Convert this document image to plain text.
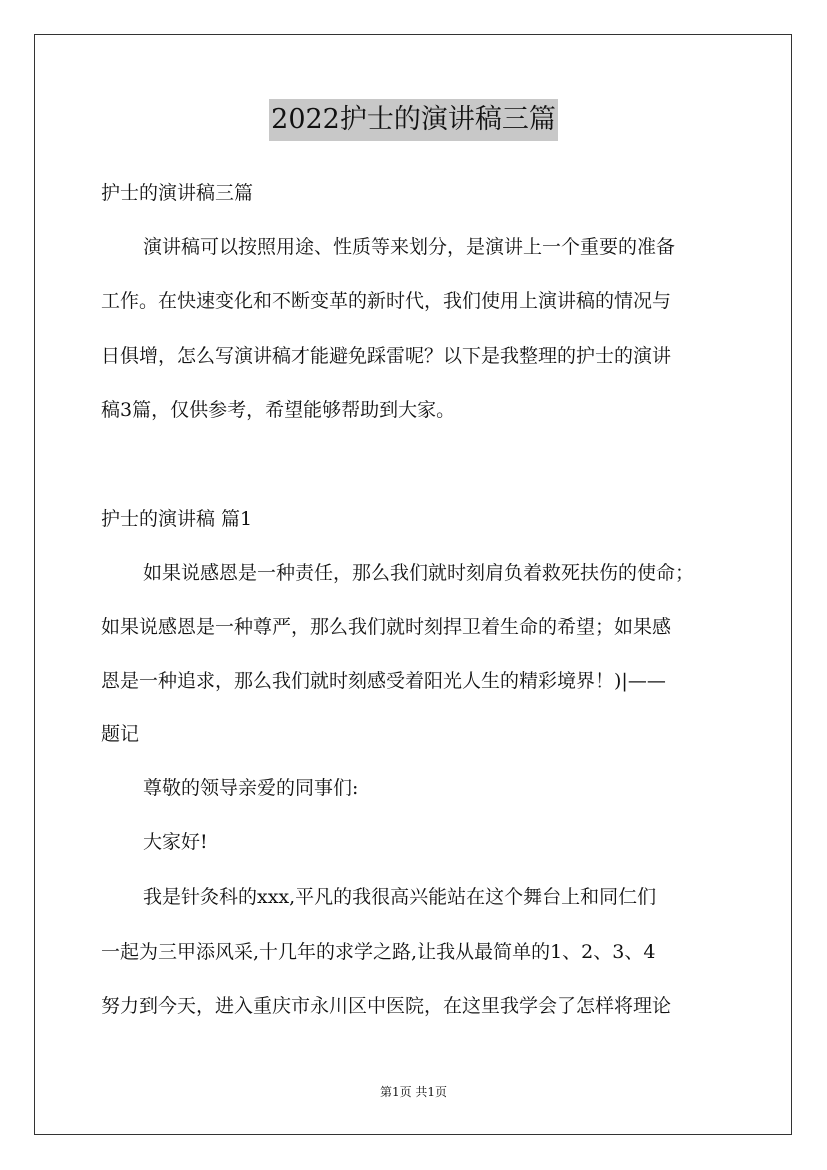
2022护士的演讲稿三篇
护士的演讲稿三篇
演讲稿可以按照用途、性质等来划分，是演讲上一个重要的准备
工作。在快速变化和不断变革的新时代，我们使用上演讲稿的情况与
日俱增，怎么写演讲稿才能避免踩雷呢？以下是我整理的护士的演讲
稿3篇，仅供参考，希望能够帮助到大家。
护士的演讲稿 篇1
如果说感恩是一种责任，那么我们就时刻肩负着救死扶伤的使命；
如果说感恩是一种尊严，那么我们就时刻捍卫着生命的希望；如果感
恩是一种追求，那么我们就时刻感受着阳光人生的精彩境界！)|——
题记
尊敬的领导亲爱的同事们:
大家好!
我是针灸科的xxx,平凡的我很高兴能站在这个舞台上和同仁们
一起为三甲添风采,十几年的求学之路,让我从最简单的1、2、3、4
努力到今天，进入重庆市永川区中医院，在这里我学会了怎样将理论
第1页 共1页
